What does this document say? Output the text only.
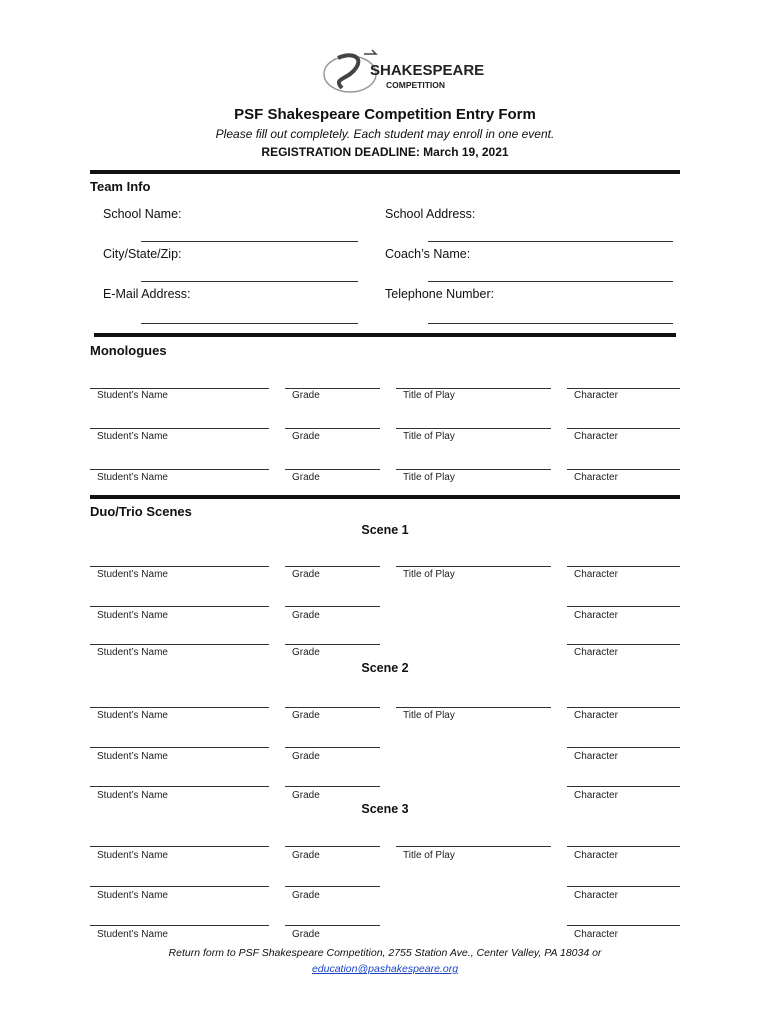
SHAKESPEARE
COMPETITION
PSF Shakespeare Competition Entry Form
Please fill out completely. Each student may enroll in one event.
REGISTRATION DEADLINE: March 19, 2021
Team Info
School Name:	School Address:
City/State/Zip:	Coach’s Name:
E-Mail Address:	Telephone Number:
Monologues
Student’s Name	Grade	Title of Play	Character
Student’s Name	Grade	Title of Play	Character
Student’s Name	Grade	Title of Play	Character
Duo/Trio Scenes
Scene 1
Scene 2
Scene 3
Student’s Name	Grade	Title of Play	Character
Student’s Name	Grade	Character
Student’s Name	Grade	Character
Student’s Name	Grade	Title of Play	Character
Student’s Name	Grade	Character
Student’s Name	Grade	Character
Student’s Name	Grade	Title of Play	Character
Student’s Name	Grade	Character
Student’s Name	Grade	Character
Return form to PSF Shakespeare Competition, 2755 Station Ave., Center Valley, PA 18034 or
education@pashakespeare.org
